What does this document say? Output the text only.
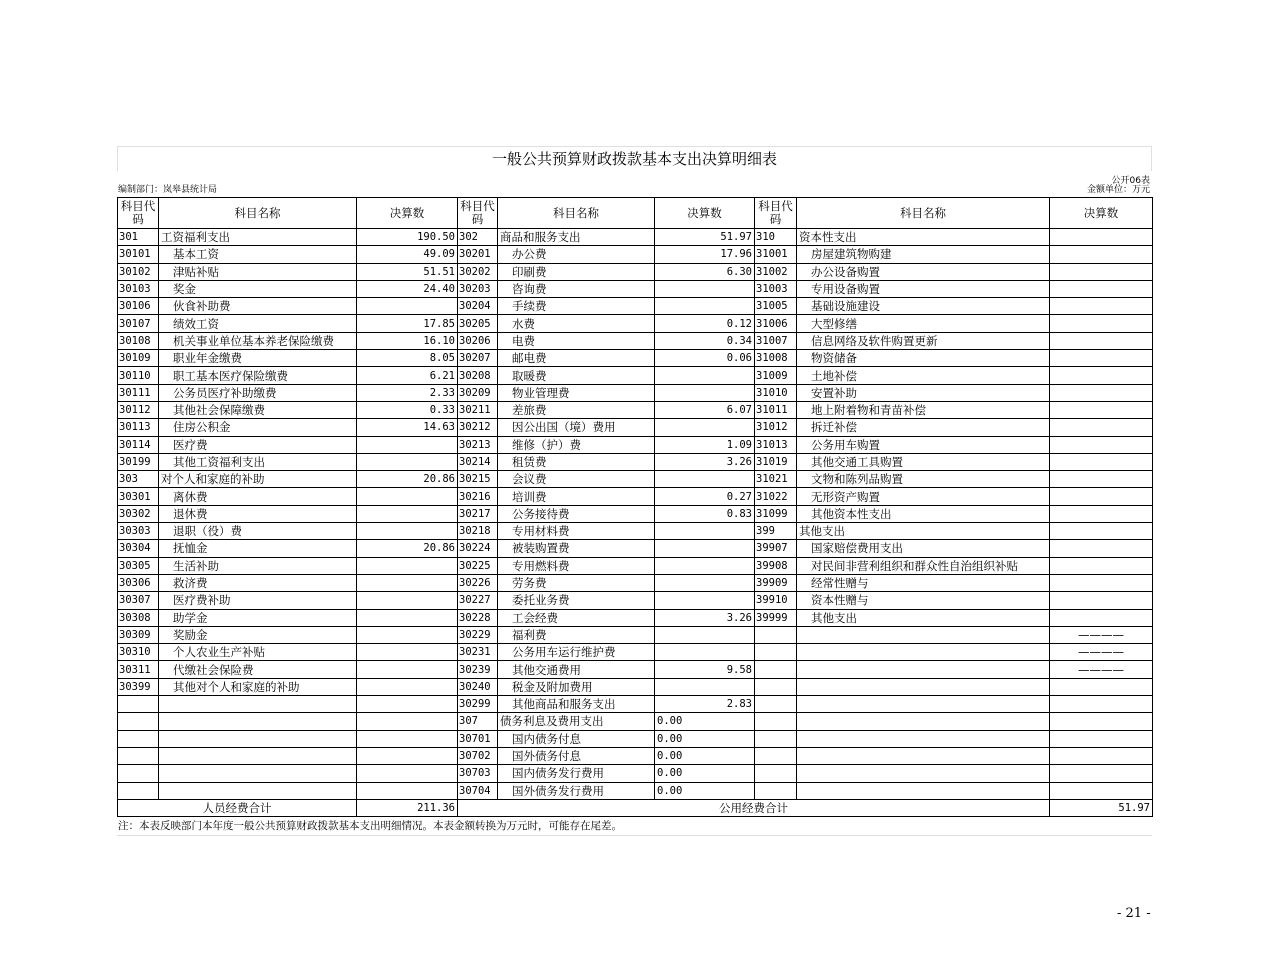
一般公共预算财政拨款基本支出决算明细表
编制部门：岚皋县统计局
公开06表
金额单位：万元
科目代码	科目名称	决算数	科目代码	科目名称	决算数	科目代码	科目名称	决算数
301	工资福利支出	190.50	302	商品和服务支出	51.97	310	资本性支出	
30101	基本工资	49.09	30201	办公费	17.96	31001	房屋建筑物购建	
30102	津贴补贴	51.51	30202	印刷费	6.30	31002	办公设备购置	
30103	奖金	24.40	30203	咨询费		31003	专用设备购置	
30106	伙食补助费		30204	手续费		31005	基础设施建设	
30107	绩效工资	17.85	30205	水费	0.12	31006	大型修缮	
30108	机关事业单位基本养老保险缴费	16.10	30206	电费	0.34	31007	信息网络及软件购置更新	
30109	职业年金缴费	8.05	30207	邮电费	0.06	31008	物资储备	
30110	职工基本医疗保险缴费	6.21	30208	取暖费		31009	土地补偿	
30111	公务员医疗补助缴费	2.33	30209	物业管理费		31010	安置补助	
30112	其他社会保障缴费	0.33	30211	差旅费	6.07	31011	地上附着物和青苗补偿	
30113	住房公积金	14.63	30212	因公出国（境）费用		31012	拆迁补偿	
30114	医疗费		30213	维修（护）费	1.09	31013	公务用车购置	
30199	其他工资福利支出		30214	租赁费	3.26	31019	其他交通工具购置	
303	对个人和家庭的补助	20.86	30215	会议费		31021	文物和陈列品购置	
30301	离休费		30216	培训费	0.27	31022	无形资产购置	
30302	退休费		30217	公务接待费	0.83	31099	其他资本性支出	
30303	退职（役）费		30218	专用材料费		399	其他支出	
30304	抚恤金	20.86	30224	被装购置费		39907	国家赔偿费用支出	
30305	生活补助		30225	专用燃料费		39908	对民间非营利组织和群众性自治组织补贴	
30306	救济费		30226	劳务费		39909	经常性赠与	
30307	医疗费补助		30227	委托业务费		39910	资本性赠与	
30308	助学金		30228	工会经费	3.26	39999	其他支出	
30309	奖励金		30229	福利费				————
30310	个人农业生产补贴		30231	公务用车运行维护费				————
30311	代缴社会保险费		30239	其他交通费用	9.58			————
30399	其他对个人和家庭的补助		30240	税金及附加费用				
			30299	其他商品和服务支出	2.83			
			307	债务利息及费用支出	0.00			
			30701	国内债务付息	0.00			
			30702	国外债务付息	0.00			
			30703	国内债务发行费用	0.00			
			30704	国外债务发行费用	0.00			
人员经费合计		211.36	公用经费合计					51.97
注：本表反映部门本年度一般公共预算财政拨款基本支出明细情况。本表金额转换为万元时，可能存在尾差。
- 21 -
